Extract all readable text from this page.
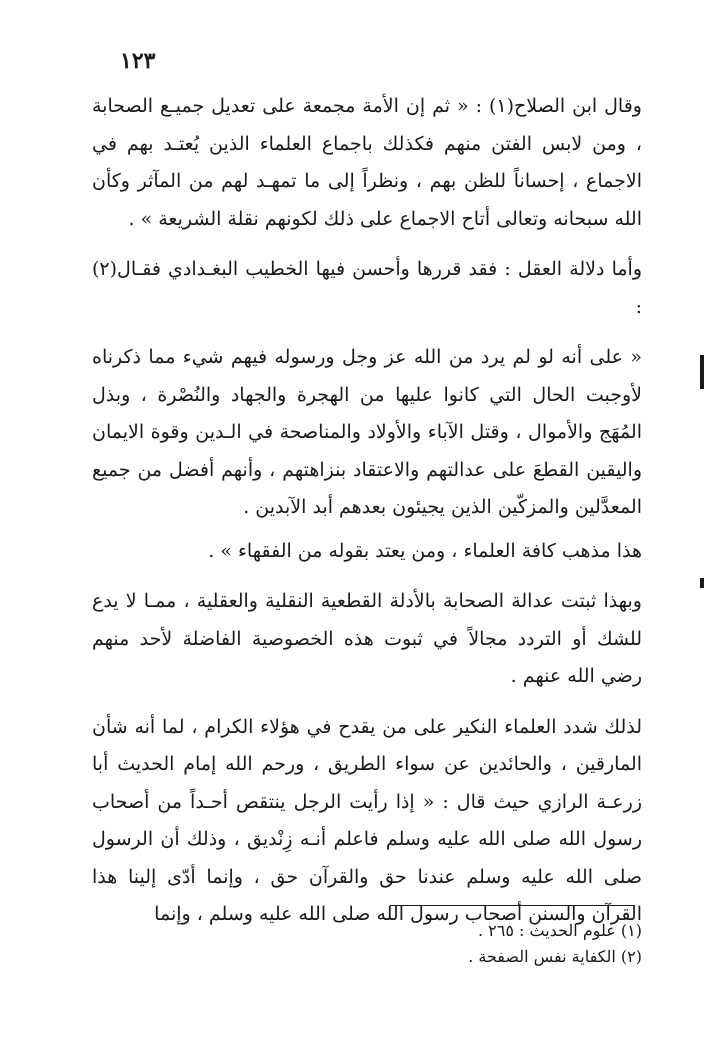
١٢٣

وقال ابن الصلاح(١) : « ثم إن الأمة مجمعة على تعديل جميـع الصحابة ، ومن لابس الفتن منهم فكذلك باجماع العلماء الذين يُعتـد بهم في الاجماع ، إحساناً للظن بهم ، ونظراً إلى ما تمهـد لهم من المآثر وكأن الله سبحانه وتعالى أتاح الاجماع على ذلك لكونهم نقلة الشريعة » .

وأما دلالة العقل : فقد قررها وأحسن فيها الخطيب البغـدادي فقـال(٢) :

« على أنه لو لم يرد من الله عز وجل ورسوله فيهم شيء مما ذكرناه لأوجبت الحال التي كانوا عليها من الهجرة والجهاد والنُصْرة ، وبذل المُهَج والأموال ، وقتل الآباء والأولاد والمناصحة في الـدين وقوة الايمان واليقين القطعَ على عدالتهم والاعتقاد بنزاهتهم ، وأنهم أفضل من جميع المعدَّلين والمزكّين الذين يجيئون بعدهم أبد الآبدين .

هذا مذهب كافة العلماء ، ومن يعتد بقوله من الفقهاء » .

وبهذا ثبتت عدالة الصحابة بالأدلة القطعية النقلية والعقلية ، ممـا لا يدع للشك أو التردد مجالاً في ثبوت هذه الخصوصية الفاضلة لأحد منهم رضي الله عنهم .

لذلك شدد العلماء النكير على من يقدح في هؤلاء الكرام ، لما أنه شأن المارقين ، والحائدين عن سواء الطريق ، ورحم الله إمام الحديث أبا زرعـة الرازي حيث قال : « إذا رأيت الرجل ينتقص أحـداً من أصحاب رسول الله صلى الله عليه وسلم فاعلم أنـه زِنْديق ، وذلك أن الرسول صلى الله عليه وسلم عندنا حق والقرآن حق ، وإنما أدّى إلينا هذا القرآن والسنن أصحاب رسول الله صلى الله عليه وسلم ، وإنما

(١) علوم الحديث : ٢٦٥ .
(٢) الكفاية نفس الصفحة .
